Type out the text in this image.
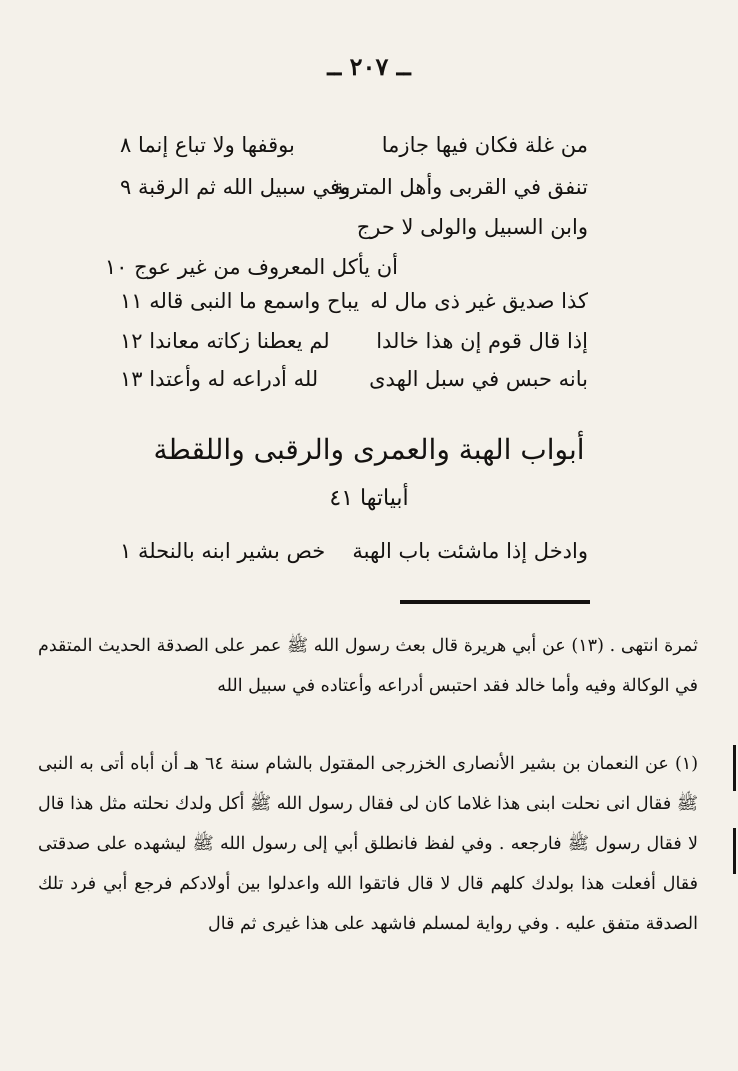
ــ ٢٠٧ ــ
من غلة فكان فيها جازما
بوقفها ولا تباع إنما ٨
تنفق في القربى وأهل المتربة
وفي سبيل الله ثم الرقبة ٩
وابن السبيل والولى لا حرج
أن يأكل المعروف من غير عوج ١٠
كذا صديق غير ذى مال له
يباح واسمع ما النبى قاله ١١
إذا قال قوم إن هذا خالدا
لم يعطنا زكاته معاندا ١٢
بانه حبس في سبل الهدى
لله أدراعه له وأعتدا ١٣
أبواب الهبة والعمرى والرقبى واللقطة
أبياتها ٤١
وادخل إذا ماشئت باب الهبة
خص بشير ابنه بالنحلة ١

ثمرة انتهى . (١٣) عن أبي هريرة قال بعث رسول الله ﷺ عمر على الصدقة الحديث المتقدم في الوكالة وفيه وأما خالد فقد احتبس أدراعه وأعتاده في سبيل الله

(١) عن النعمان بن بشير الأنصارى الخزرجى المقتول بالشام سنة ٦٤ هـ أن أباه أتى به النبى ﷺ فقال انى نحلت ابنى هذا غلاما كان لى فقال رسول الله ﷺ أكل ولدك نحلته مثل هذا قال لا فقال رسول ﷺ فارجعه . وفي لفظ فانطلق أبي إلى رسول الله ﷺ ليشهده على صدقتى فقال أفعلت هذا بولدك كلهم قال لا قال فاتقوا الله واعدلوا بين أولادكم فرجع أبي فرد تلك الصدقة متفق عليه . وفي رواية لمسلم فاشهد على هذا غيرى ثم قال
